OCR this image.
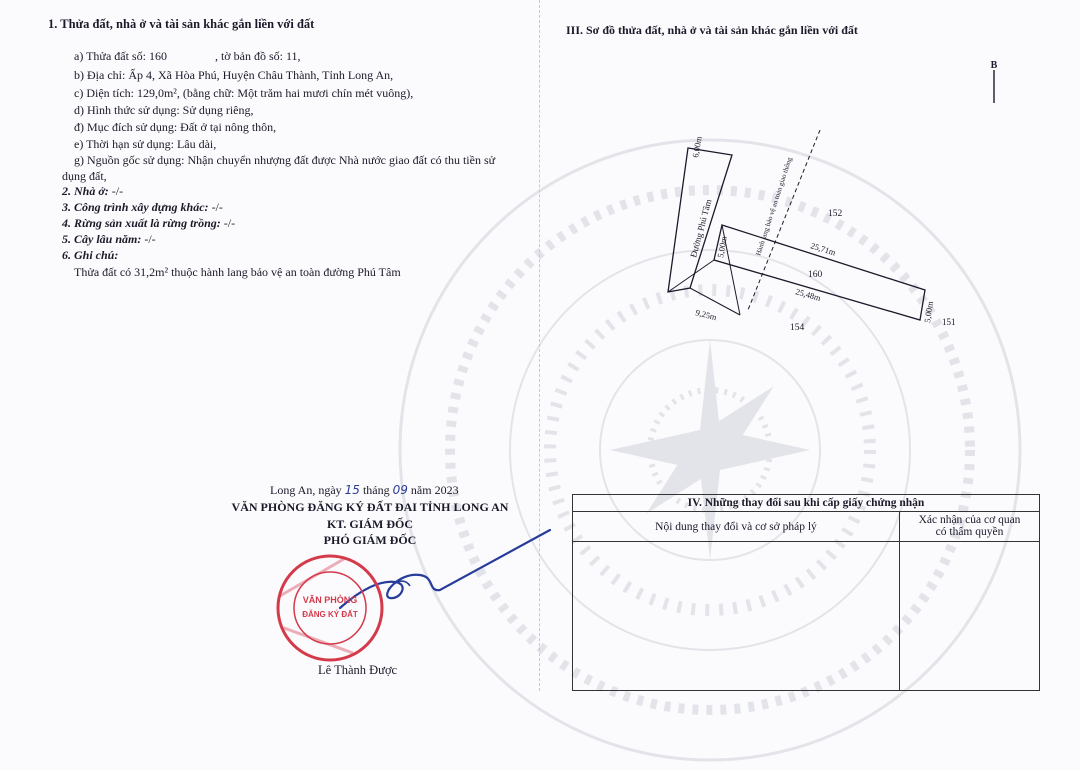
1. Thửa đất, nhà ở và tài sản khác gắn liền với đất
a) Thửa đất số: 160	, tờ bản đồ số: 11,
b) Địa chỉ: Ấp 4, Xã Hòa Phú, Huyện Châu Thành, Tỉnh Long An,
c) Diện tích: 129,0m², (bằng chữ: Một trăm hai mươi chín mét vuông),
d) Hình thức sử dụng: Sử dụng riêng,
đ) Mục đích sử dụng: Đất ở tại nông thôn,
e) Thời hạn sử dụng: Lâu dài,
g) Nguồn gốc sử dụng: Nhận chuyển nhượng đất được Nhà nước giao đất có thu tiền sử
dụng đất,
2. Nhà ở: -/-
3. Công trình xây dựng khác: -/-
4. Rừng sản xuất là rừng trồng: -/-
5. Cây lâu năm: -/-
6. Ghi chú:
Thửa đất có 31,2m² thuộc hành lang bảo vệ an toàn đường Phú Tâm
Long An, ngày 15 tháng 09 năm 2023
VĂN PHÒNG ĐĂNG KÝ ĐẤT ĐAI TỈNH LONG AN
KT. GIÁM ĐỐC
PHÓ GIÁM ĐỐC
VĂN PHÒNG
ĐĂNG KÝ ĐẤT
Lê Thành Được
III. Sơ đồ thửa đất, nhà ở và tài sản khác gắn liền với đất
B
6,00m
Đường Phú Tâm 5,00m
9,25m
Hành lang bảo vệ an toàn giao thông 25,71m
25,48m
5,00m
152
160
154
151
IV. Những thay đổi sau khi cấp giấy chứng nhận	
Nội dung thay đổi và cơ sở pháp lý	Xác nhận của cơ quan
có thẩm quyền
